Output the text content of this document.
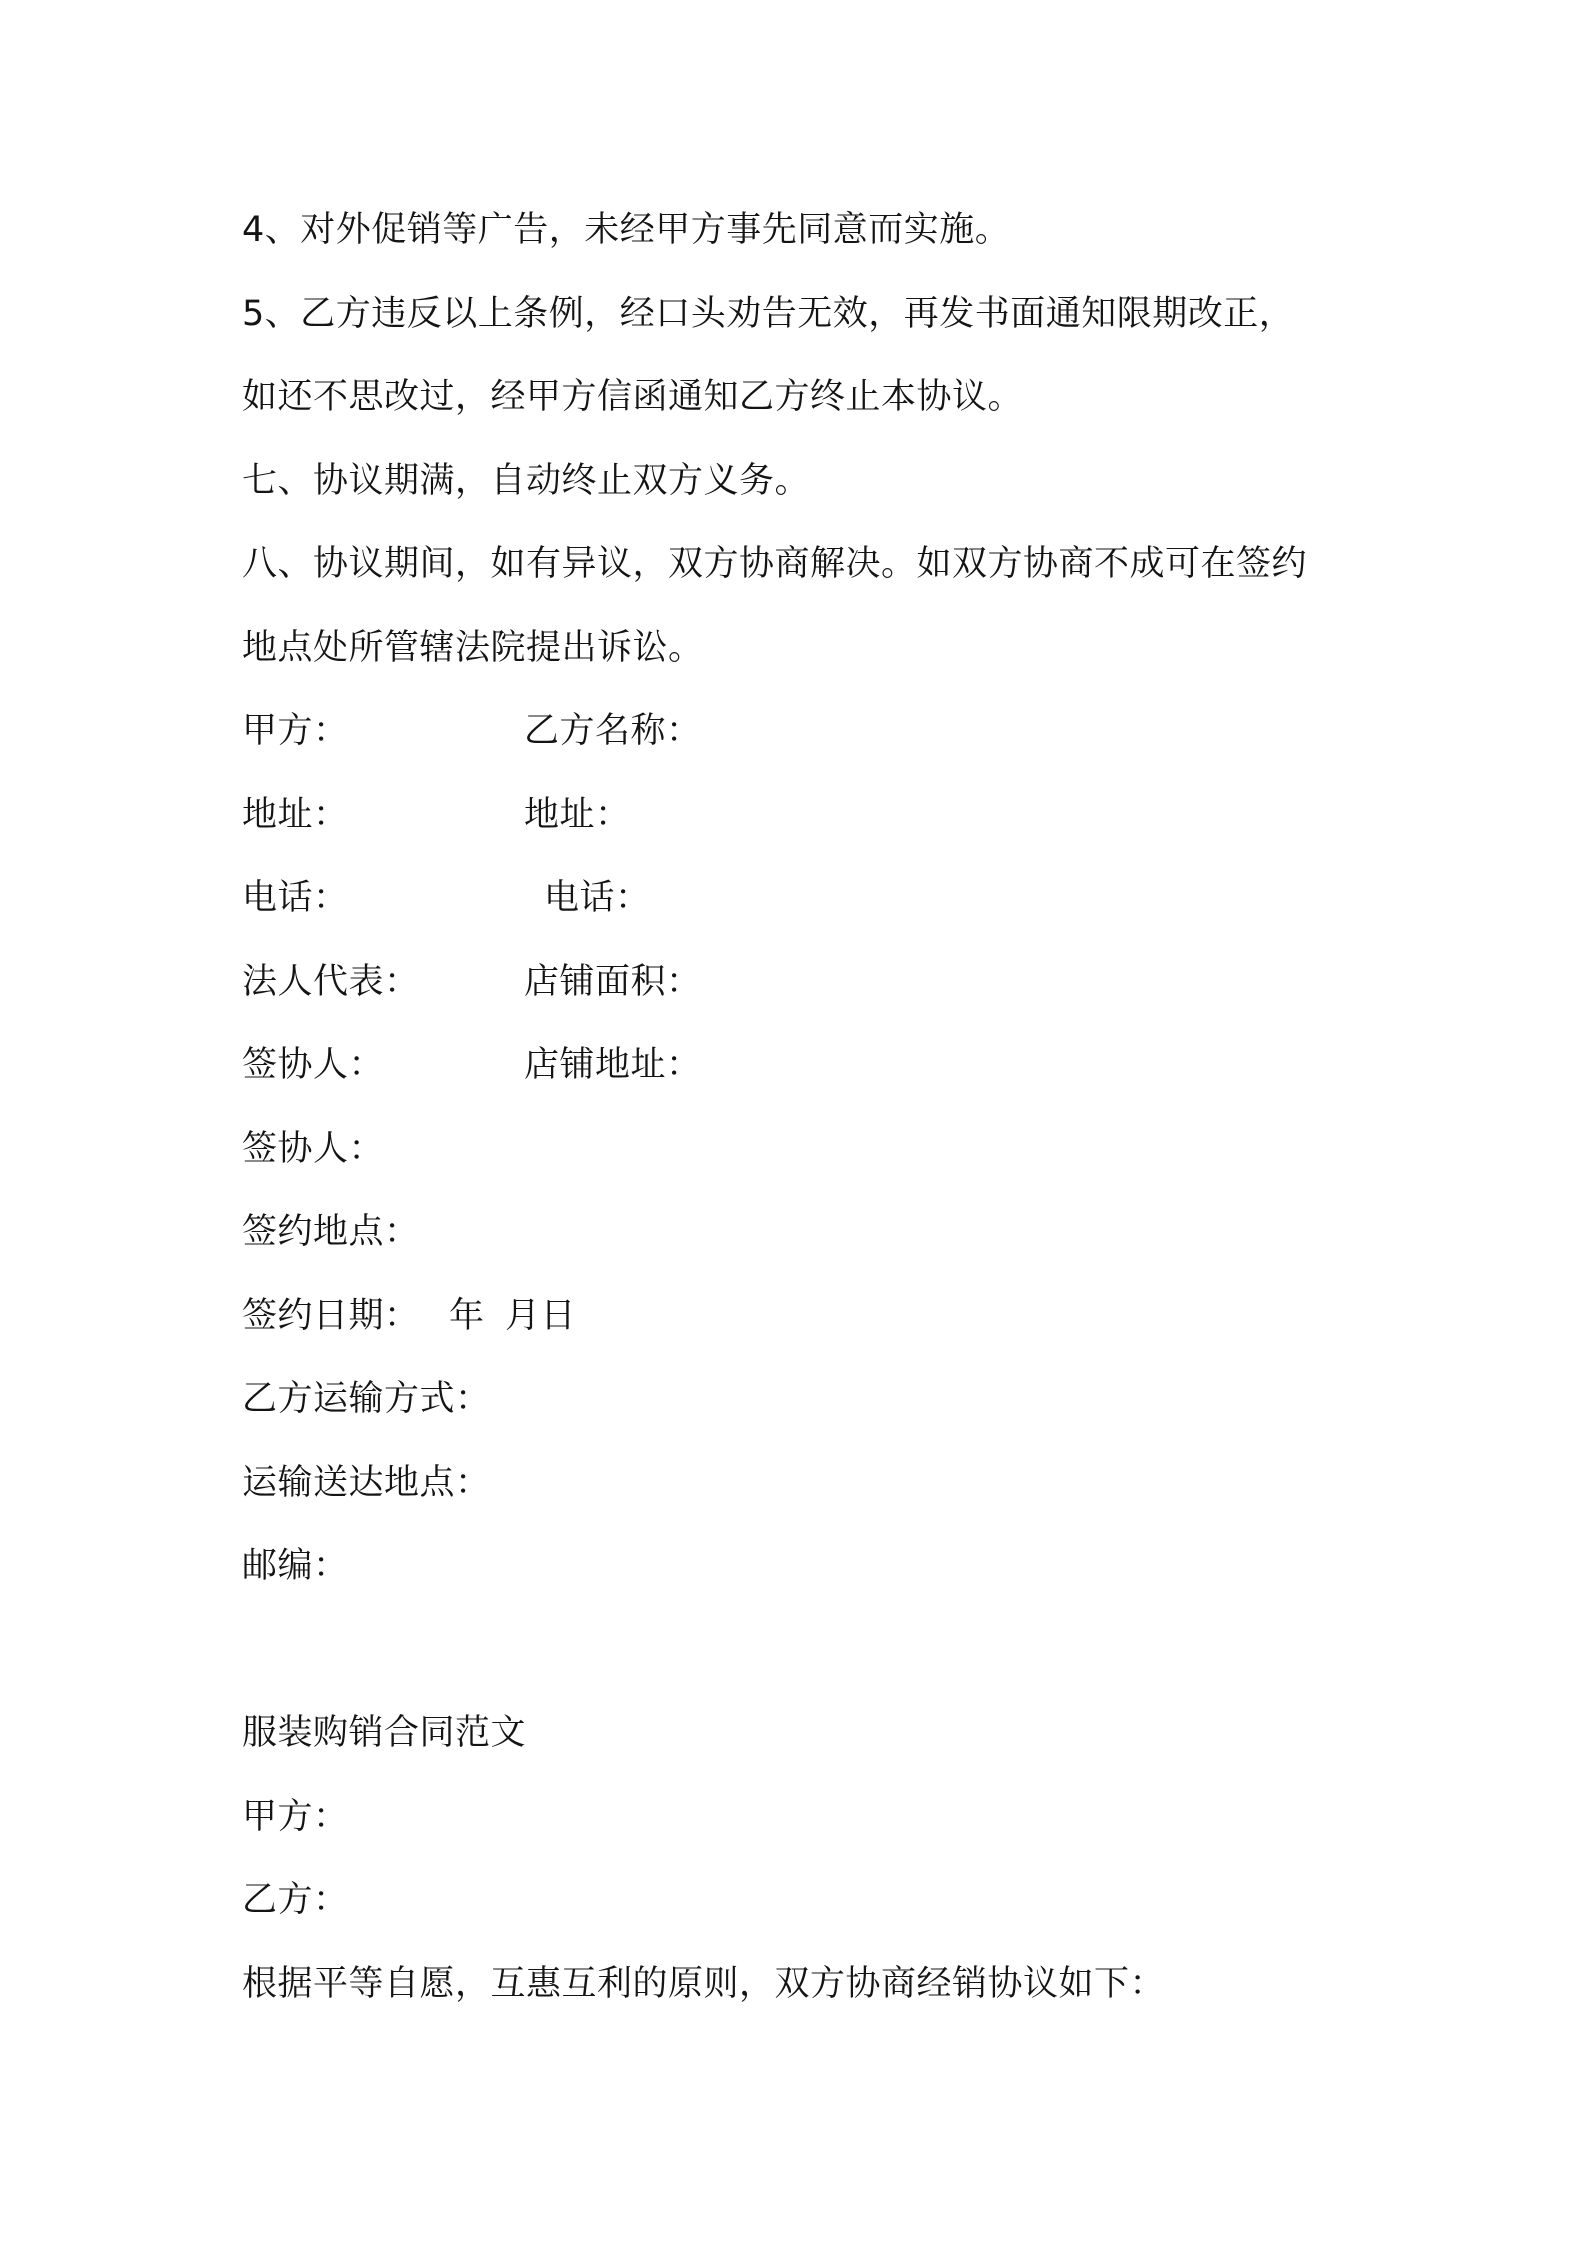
4、对外促销等广告，未经甲方事先同意而实施。
5、乙方违反以上条例，经口头劝告无效，再发书面通知限期改正，
如还不思改过，经甲方信函通知乙方终止本协议。
七、协议期满，自动终止双方义务。
八、协议期间，如有异议，双方协商解决。如双方协商不成可在签约
地点处所管辖法院提出诉讼。
甲方：	乙方名称：
地址：	地址：
电话：	电话：
法人代表：	店铺面积：
签协人：	店铺地址：
签协人：
签约地点：
签约日期： 年 月日
乙方运输方式：
运输送达地点：
邮编：
服装购销合同范文
甲方：
乙方：
根据平等自愿，互惠互利的原则，双方协商经销协议如下：
